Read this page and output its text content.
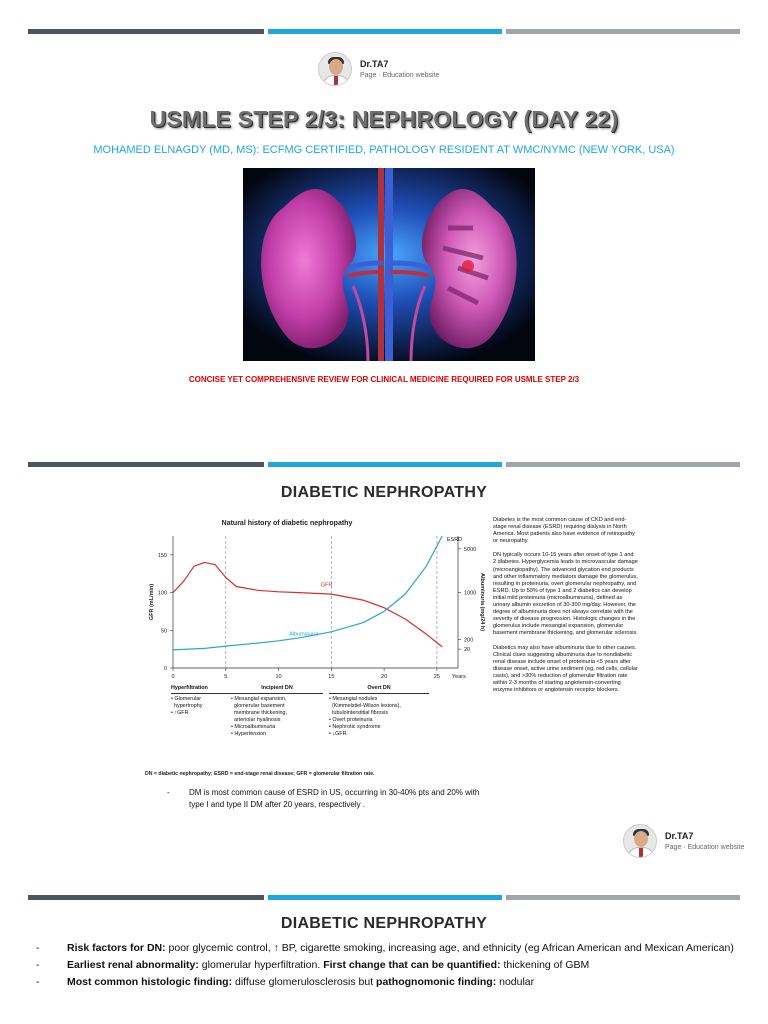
Dr.TA7
Page · Education website
USMLE STEP 2/3: NEPHROLOGY (DAY 22)
MOHAMED ELNAGDY (MD, MS): ECFMG CERTIFIED, PATHOLOGY RESIDENT AT WMC/NYMC (NEW YORK, USA)
CONCISE YET COMPREHENSIVE REVIEW FOR CLINICAL MEDICINE REQUIRED FOR USMLE STEP 2/3
DIABETIC NEPHROPATHY
Natural history of diabetic nephropathy
0	5	10	15	20	25 Years
0
50
100
150
GFR (mL/min)
20
200
1000
5000
Albuminuria (mg/24 h)
ESRD
GFR
Albuminuria
Hyperfiltration
• Glomerular
hypertrophy
• ↑GFR
Incipient DN
• Mesangial expansion,
glomerular basement
membrane thickening,
arteriolar hyalinosis
• Microalbuminuria
• Hypertension
Overt DN
• Mesangial nodules
(Kimmelstiel-Wilson lesions),
tubulointerstitial fibrosis
• Overt proteinuria
• Nephrotic syndrome
• ↓GFR
DN = diabetic nephropathy; ESRD = end-stage renal disease; GFR = glomerular filtration rate.
-	DM is most common cause of ESRD in US, occurring in 30-40% pts and 20% with type I and type II DM after 20 years, respectively .

Diabetes is the most common cause of CKD and end-stage renal disease (ESRD) requiring dialysis in North America. Most patients also have evidence of retinopathy or neuropathy.

DN typically occurs 10-15 years after onset of type 1 and 2 diabetes. Hyperglycemia leads to microvascular damage (microangiopathy). The advanced glycation end products and other inflammatory mediators damage the glomerulus, resulting in proteinuria, overt glomerular nephropathy, and ESRD. Up to 50% of type 1 and 2 diabetics can develop initial mild proteinuria (microalbuminuria), defined as urinary albumin excretion of 30-300 mg/day. However, the degree of albuminuria does not always correlate with the severity of disease progression. Histologic changes in the glomerulus include mesangial expansion, glomerular basement membrane thickening, and glomerular sclerosis.

Diabetics may also have albuminuria due to other causes. Clinical clues suggesting albuminuria due to nondiabetic renal disease include onset of proteinuria <5 years after disease onset, active urine sediment (eg, red cells, cellular casts), and >30% reduction of glomerular filtration rate within 2-3 months of starting angiotensin-converting enzyme inhibitors or angiotensin receptor blockers.

Dr.TA7
Page · Education website
DIABETIC NEPHROPATHY
-	Risk factors for DN: poor glycemic control, ↑ BP, cigarette smoking, increasing age, and ethnicity (eg African American and Mexican American)
-	Earliest renal abnormality: glomerular hyperfiltration. First change that can be quantified: thickening of GBM
-	Most common histologic finding: diffuse glomerulosclerosis but pathognomonic finding: nodular
